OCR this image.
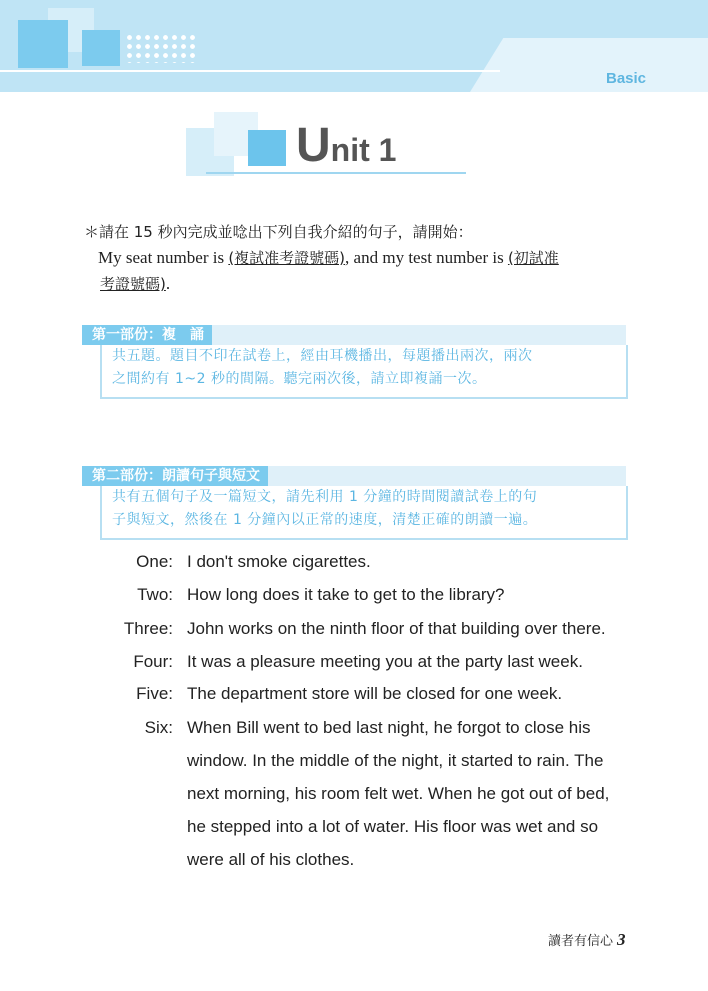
Basic
Unit 1
＊請在 15 秒內完成並唸出下列自我介紹的句子，請開始：
My seat number is (複試准考證號碼), and my test number is (初試准
考證號碼).
第一部份：複　誦
共五題。題目不印在試卷上，經由耳機播出，每題播出兩次，兩次
之間約有 1~2 秒的間隔。聽完兩次後，請立即複誦一次。
第二部份：朗讀句子與短文
共有五個句子及一篇短文，請先利用 1 分鐘的時間閱讀試卷上的句
子與短文，然後在 1 分鐘內以正常的速度，清楚正確的朗讀一遍。
One: I don't smoke cigarettes.
Two: How long does it take to get to the library?
Three: John works on the ninth floor of that building over there.
Four: It was a pleasure meeting you at the party last week.
Five: The department store will be closed for one week.
Six: When Bill went to bed last night, he forgot to close his
window. In the middle of the night, it started to rain. The
next morning, his room felt wet. When he got out of bed,
he stepped into a lot of water. His floor was wet and so
were all of his clothes.
讀者有信心 3
